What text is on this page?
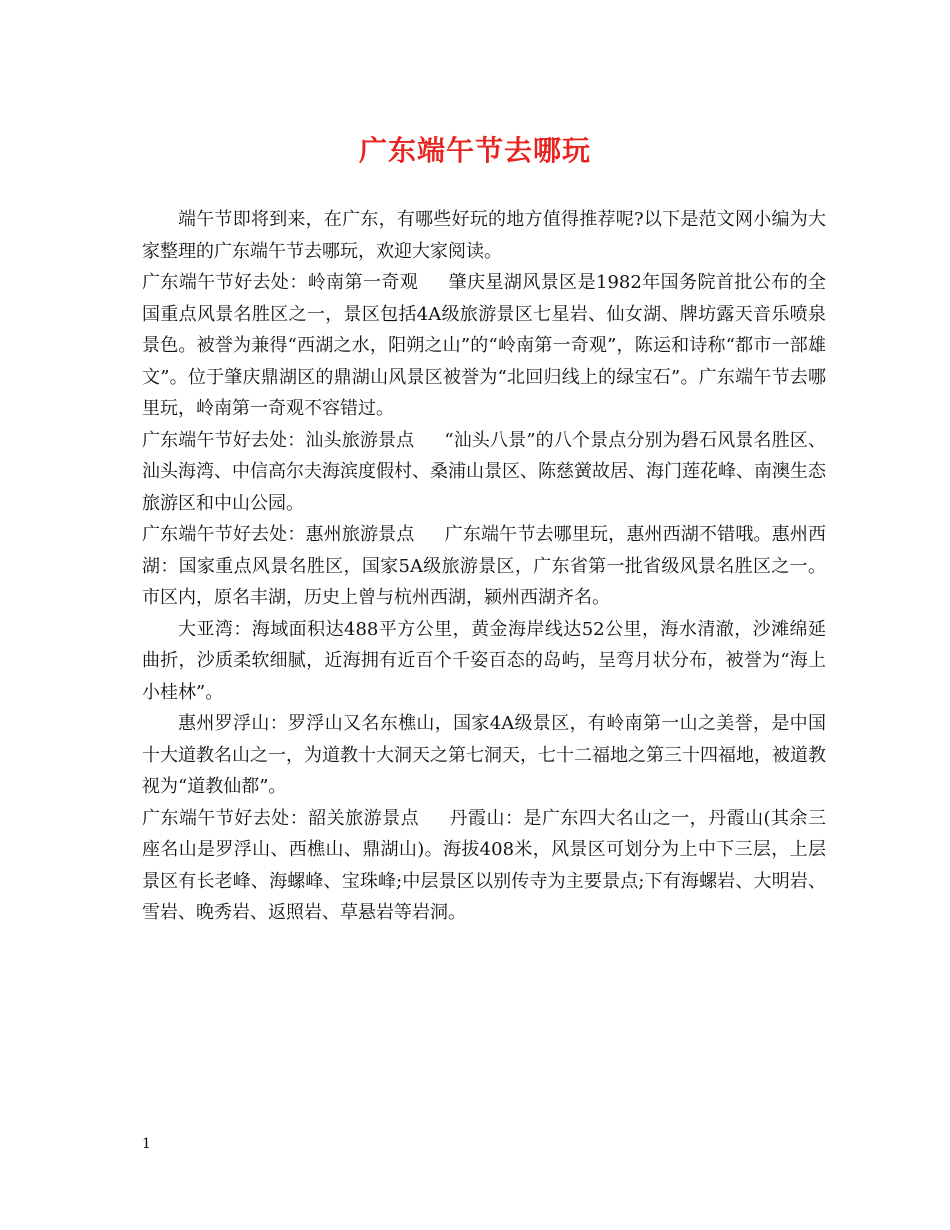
广东端午节去哪玩

端午节即将到来，在广东，有哪些好玩的地方值得推荐呢?以下是范文网小编为大家整理的广东端午节去哪玩，欢迎大家阅读。

广东端午节好去处：岭南第一奇观 肇庆星湖风景区是1982年国务院首批公布的全国重点风景名胜区之一，景区包括4A级旅游景区七星岩、仙女湖、牌坊露天音乐喷泉景色。被誉为兼得“西湖之水，阳朔之山”的“岭南第一奇观”，陈运和诗称“都市一部雄文”。位于肇庆鼎湖区的鼎湖山风景区被誉为“北回归线上的绿宝石”。广东端午节去哪里玩，岭南第一奇观不容错过。

广东端午节好去处：汕头旅游景点 “汕头八景”的八个景点分别为礐石风景名胜区、汕头海湾、中信高尔夫海滨度假村、桑浦山景区、陈慈黉故居、海门莲花峰、南澳生态旅游区和中山公园。

广东端午节好去处：惠州旅游景点 广东端午节去哪里玩，惠州西湖不错哦。惠州西湖：国家重点风景名胜区，国家5A级旅游景区，广东省第一批省级风景名胜区之一。市区内，原名丰湖，历史上曾与杭州西湖，颍州西湖齐名。

大亚湾：海域面积达488平方公里，黄金海岸线达52公里，海水清澈，沙滩绵延曲折，沙质柔软细腻，近海拥有近百个千姿百态的岛屿，呈弯月状分布，被誉为“海上小桂林”。

惠州罗浮山：罗浮山又名东樵山，国家4A级景区，有岭南第一山之美誉，是中国十大道教名山之一，为道教十大洞天之第七洞天，七十二福地之第三十四福地，被道教视为“道教仙都”。

广东端午节好去处：韶关旅游景点 丹霞山：是广东四大名山之一，丹霞山(其余三座名山是罗浮山、西樵山、鼎湖山)。海拔408米，风景区可划分为上中下三层，上层景区有长老峰、海螺峰、宝珠峰;中层景区以别传寺为主要景点;下有海螺岩、大明岩、 雪岩、晚秀岩、返照岩、草悬岩等岩洞。

1
